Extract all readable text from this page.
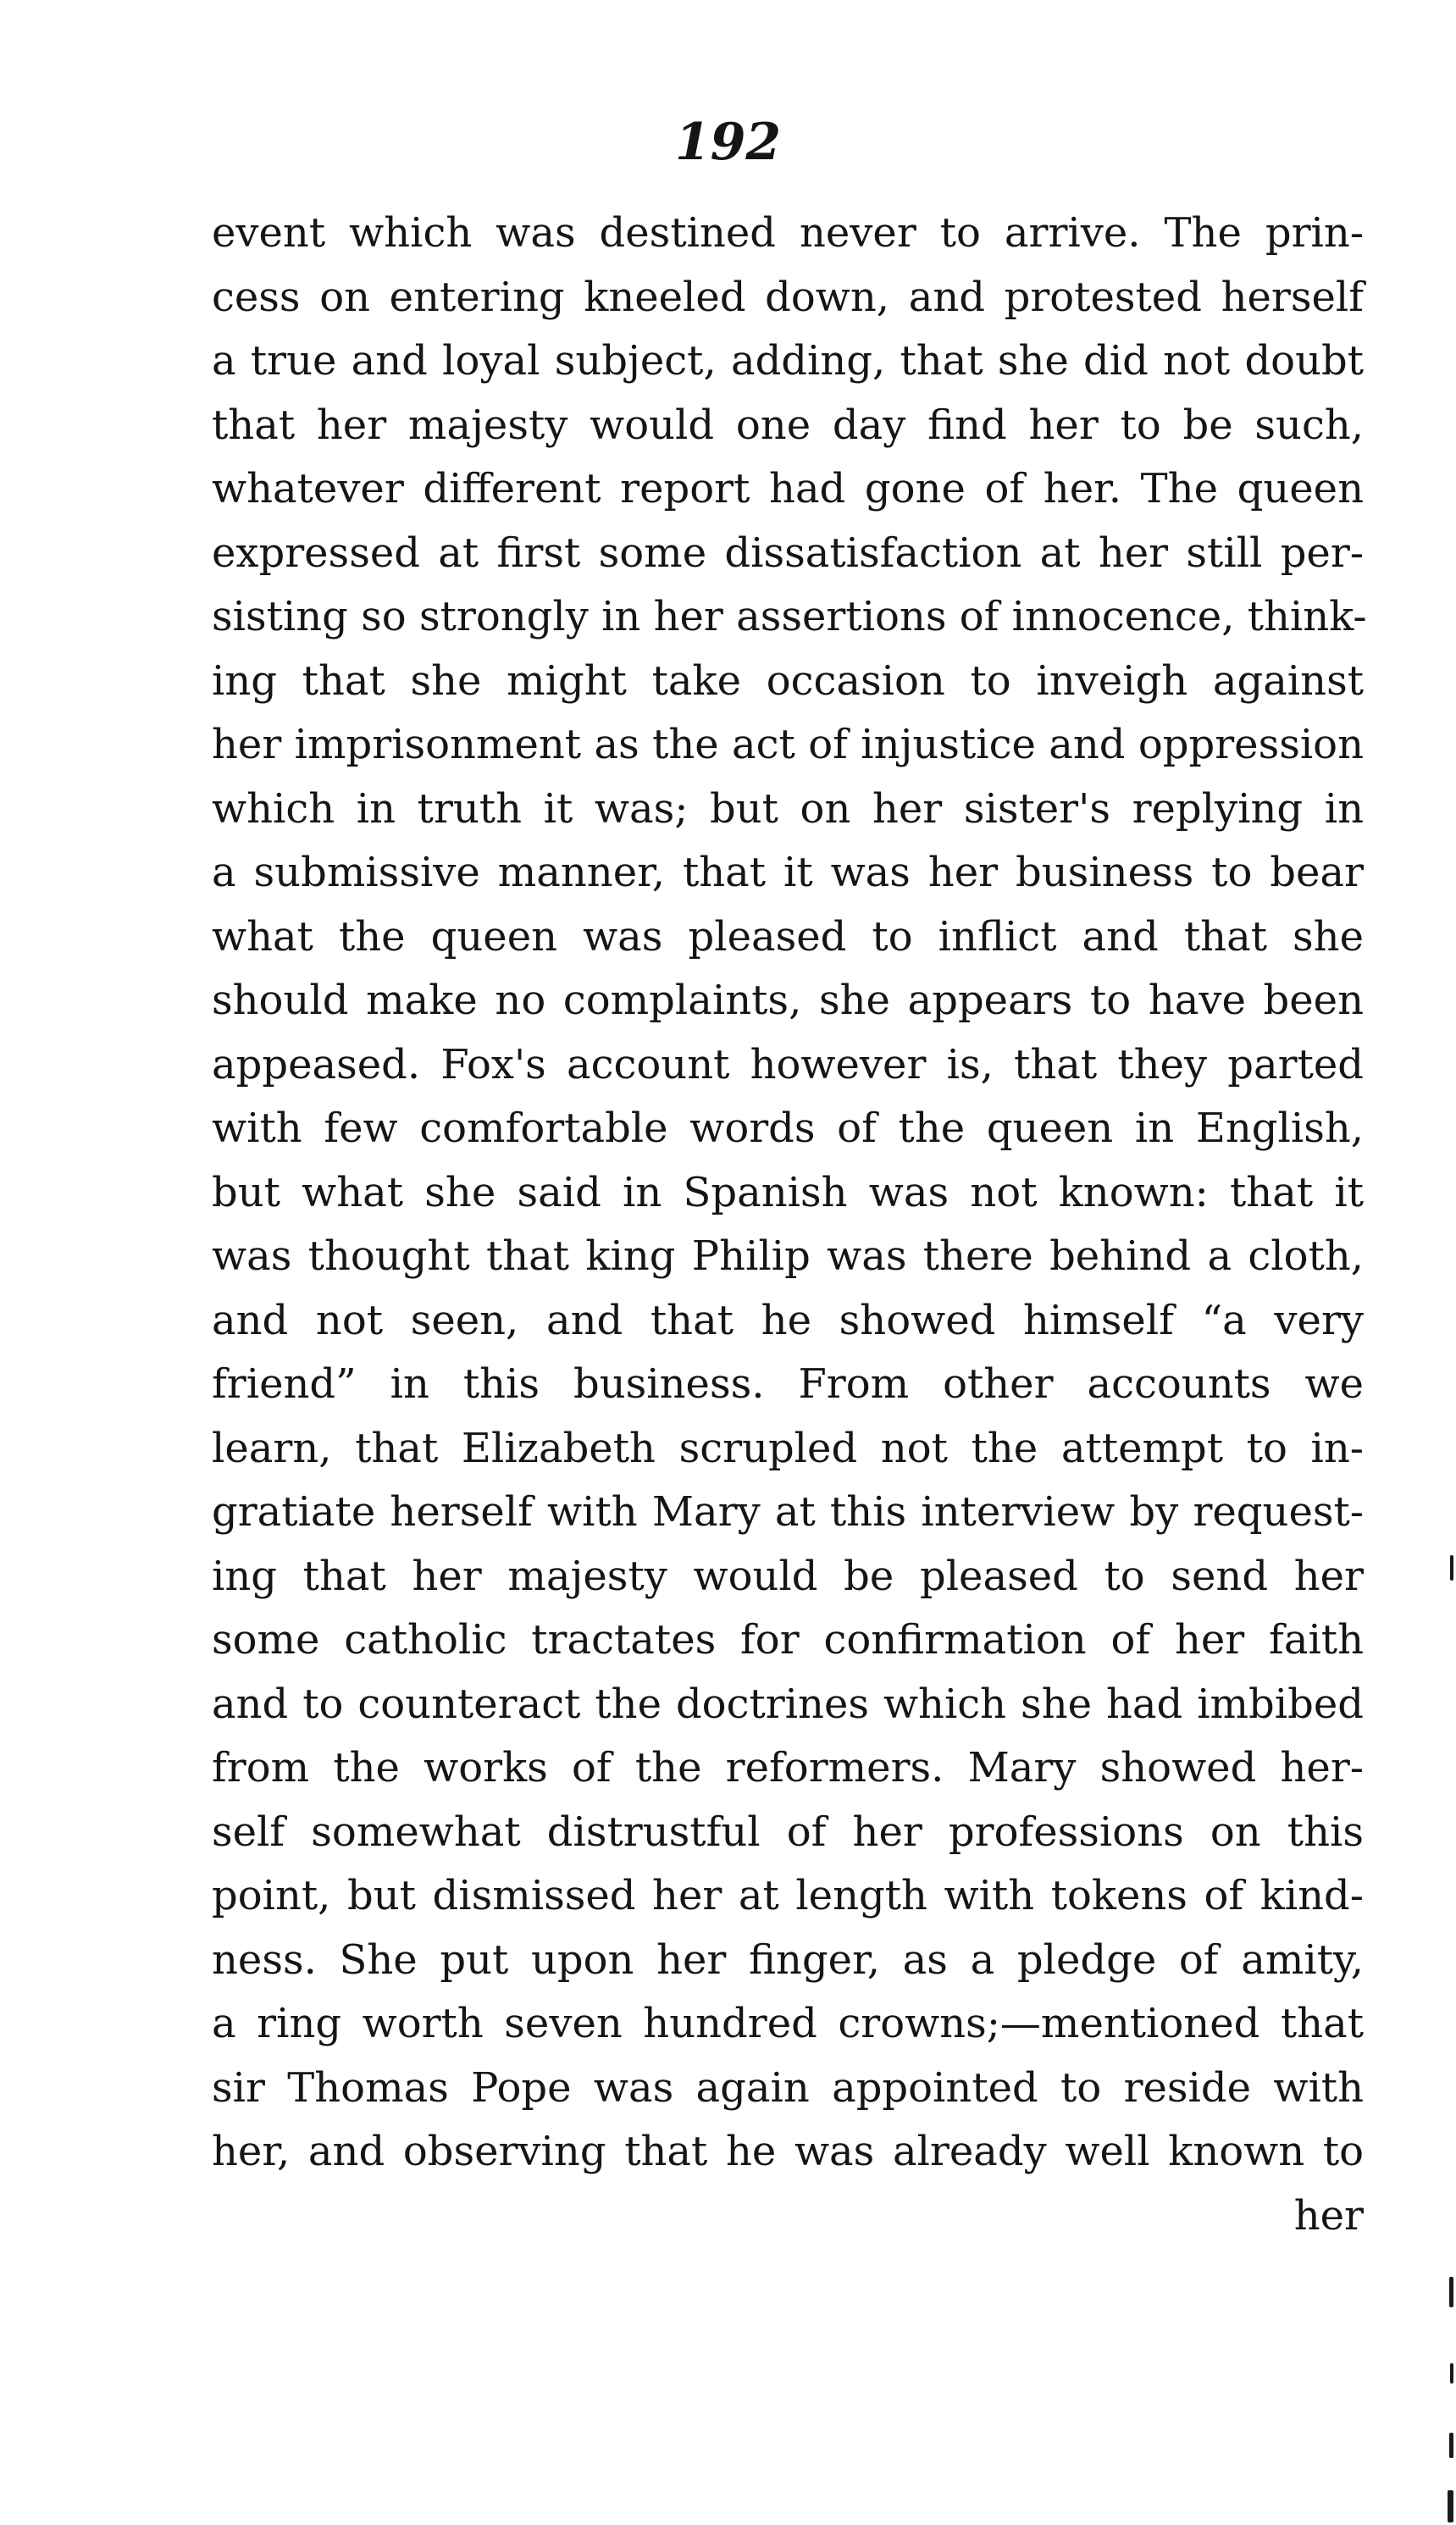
192
event which was destined never to arrive. The prin-
cess on entering kneeled down, and protested herself
a true and loyal subject, adding, that she did not doubt
that her majesty would one day find her to be such,
whatever different report had gone of her. The queen
expressed at first some dissatisfaction at her still per-
sisting so strongly in her assertions of innocence, think-
ing that she might take occasion to inveigh against
her imprisonment as the act of injustice and oppression
which in truth it was; but on her sister's replying in
a submissive manner, that it was her business to bear
what the queen was pleased to inflict and that she
should make no complaints, she appears to have been
appeased. Fox's account however is, that they parted
with few comfortable words of the queen in English,
but what she said in Spanish was not known: that it
was thought that king Philip was there behind a cloth,
and not seen, and that he showed himself “a very
friend” in this business. From other accounts we
learn, that Elizabeth scrupled not the attempt to in-
gratiate herself with Mary at this interview by request-
ing that her majesty would be pleased to send her
some catholic tractates for confirmation of her faith
and to counteract the doctrines which she had imbibed
from the works of the reformers. Mary showed her-
self somewhat distrustful of her professions on this
point, but dismissed her at length with tokens of kind-
ness. She put upon her finger, as a pledge of amity,
a ring worth seven hundred crowns;—mentioned that
sir Thomas Pope was again appointed to reside with
her, and observing that he was already well known to
her
